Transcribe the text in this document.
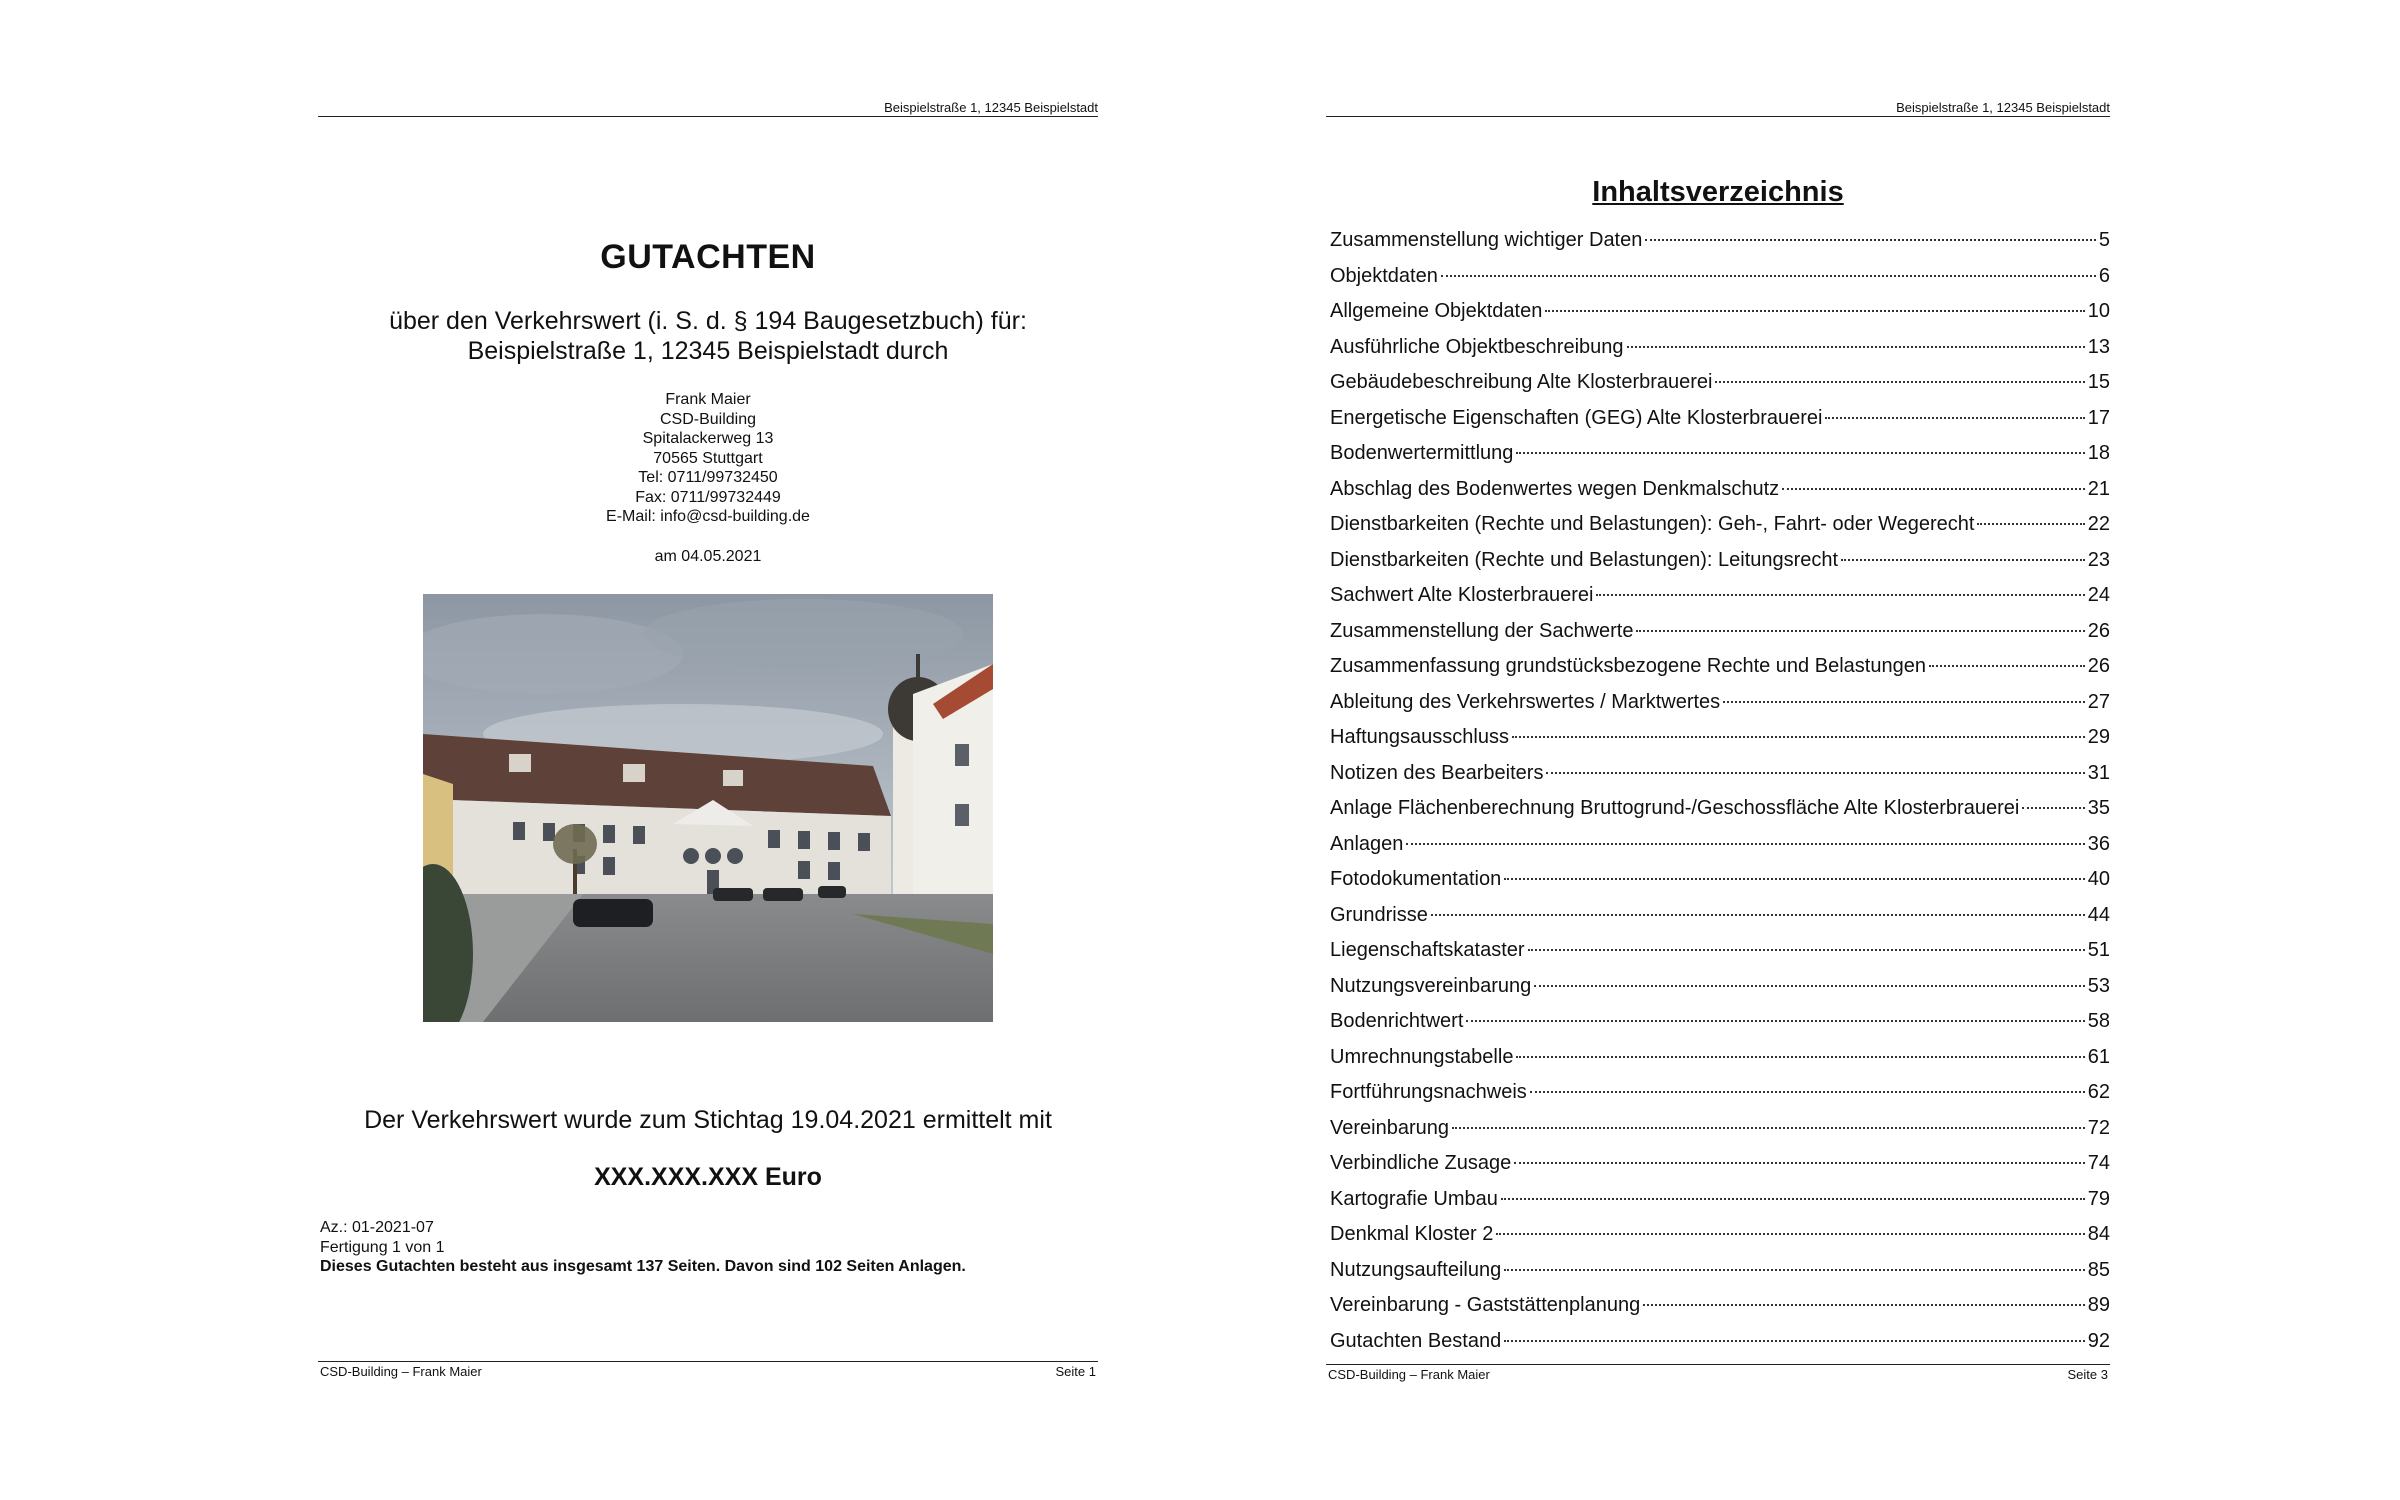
Beispielstraße 1, 12345 Beispielstadt
GUTACHTEN
über den Verkehrswert (i. S. d. § 194 Baugesetzbuch) für:
Beispielstraße 1, 12345 Beispielstadt durch
Frank Maier
CSD-Building
Spitalackerweg 13
70565 Stuttgart
Tel: 0711/99732450
Fax: 0711/99732449
E-Mail: info@csd-building.de
am 04.05.2021
Der Verkehrswert wurde zum Stichtag 19.04.2021 ermittelt mit
XXX.XXX.XXX Euro
Az.: 01-2021-07
Fertigung 1 von 1
Dieses Gutachten besteht aus insgesamt 137 Seiten. Davon sind 102 Seiten Anlagen.
CSD-Building – Frank Maier	Seite 1
Beispielstraße 1, 12345 Beispielstadt
Inhaltsverzeichnis
Zusammenstellung wichtiger Daten	5
Objektdaten	6
Allgemeine Objektdaten	10
Ausführliche Objektbeschreibung	13
Gebäudebeschreibung Alte Klosterbrauerei	15
Energetische Eigenschaften (GEG) Alte Klosterbrauerei	17
Bodenwertermittlung	18
Abschlag des Bodenwertes wegen Denkmalschutz	21
Dienstbarkeiten (Rechte und Belastungen): Geh-, Fahrt- oder Wegerecht	22
Dienstbarkeiten (Rechte und Belastungen): Leitungsrecht	23
Sachwert Alte Klosterbrauerei	24
Zusammenstellung der Sachwerte	26
Zusammenfassung grundstücksbezogene Rechte und Belastungen	26
Ableitung des Verkehrswertes / Marktwertes	27
Haftungsausschluss	29
Notizen des Bearbeiters	31
Anlage Flächenberechnung Bruttogrund-/Geschossfläche Alte Klosterbrauerei	35
Anlagen	36
Fotodokumentation	40
Grundrisse	44
Liegenschaftskataster	51
Nutzungsvereinbarung	53
Bodenrichtwert	58
Umrechnungstabelle	61
Fortführungsnachweis	62
Vereinbarung	72
Verbindliche Zusage	74
Kartografie Umbau	79
Denkmal Kloster 2	84
Nutzungsaufteilung	85
Vereinbarung - Gaststättenplanung	89
Gutachten Bestand	92
CSD-Building – Frank Maier	Seite 3
